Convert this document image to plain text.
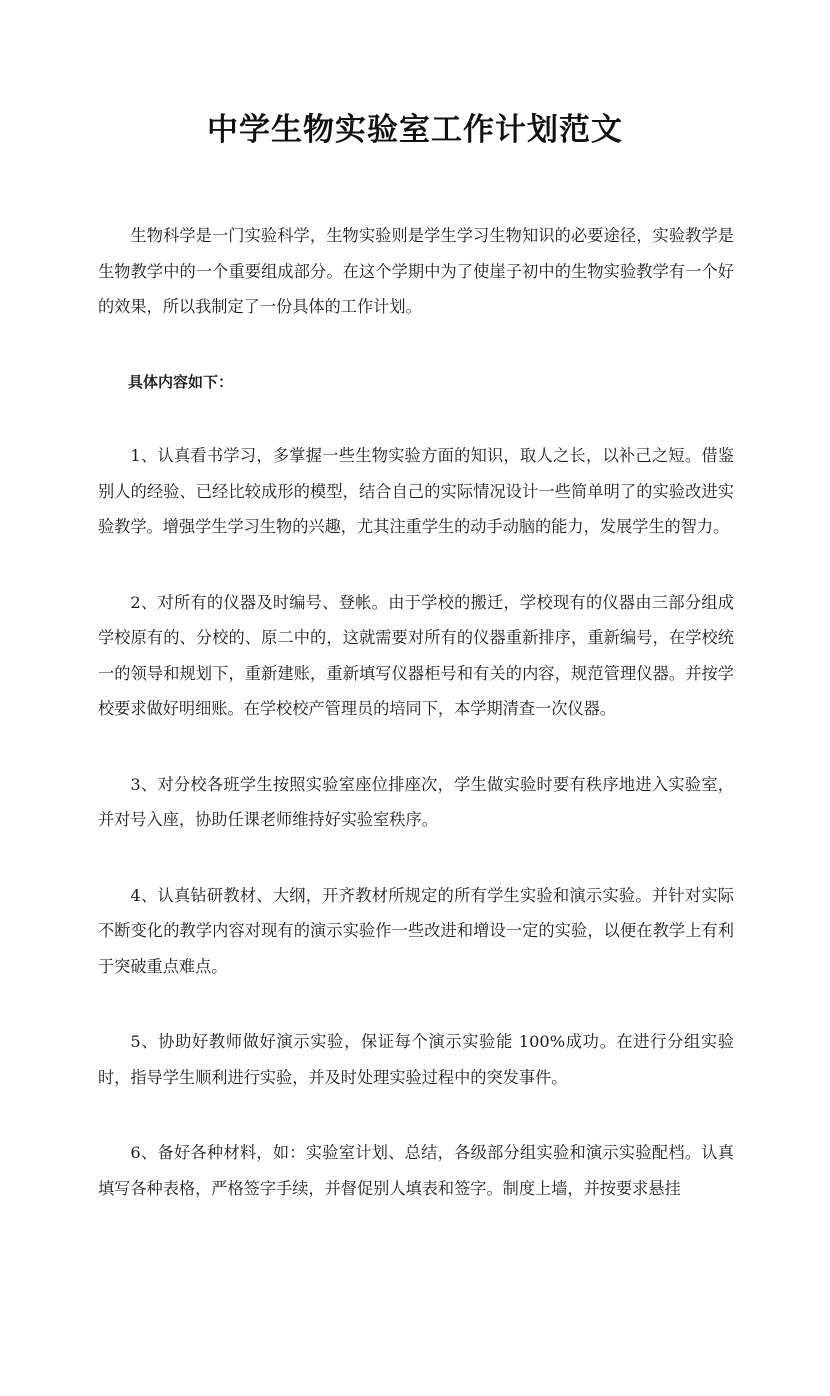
​
​
中学生物实验室工作计划范文

生物科学是一门实验科学，生物实验则是学生学习生物知识的必要途径，实验教学是生物教学中的一个重要组成部分。在这个学期中为了使崖子初中的生物实验教学有一个好的效果，所以我制定了一份具体的工作计划。

具体内容如下：

1、认真看书学习，多掌握一些生物实验方面的知识，取人之长，以补己之短。借鉴别人的经验、已经比较成形的模型，结合自己的实际情况设计一些简单明了的实验改进实验教学。增强学生学习生物的兴趣，尤其注重学生的动手动脑的能力，发展学生的智力。

2、对所有的仪器及时编号、登帐。由于学校的搬迁，学校现有的仪器由三部分组成学校原有的、分校的、原二中的，这就需要对所有的仪器重新排序，重新编号，在学校统一的领导和规划下，重新建账，重新填写仪器柜号和有关的内容，规范管理仪器。并按学校要求做好明细账。在学校校产管理员的培同下，本学期清查一次仪器。

3、对分校各班学生按照实验室座位排座次，学生做实验时要有秩序地进入实验室，并对号入座，协助任课老师维持好实验室秩序。

4、认真钻研教材、大纲，开齐教材所规定的所有学生实验和演示实验。并针对实际不断变化的教学内容对现有的演示实验作一些改进和增设一定的实验，以便在教学上有利于突破重点难点。

5、协助好教师做好演示实验，保证每个演示实验能 100%成功。在进行分组实验时，指导学生顺利进行实验，并及时处理实验过程中的突发事件。

6、备好各种材料，如：实验室计划、总结，各级部分组实验和演示实验配档。认真填写各种表格，严格签字手续，并督促别人填表和签字。制度上墙，并按要求悬挂
